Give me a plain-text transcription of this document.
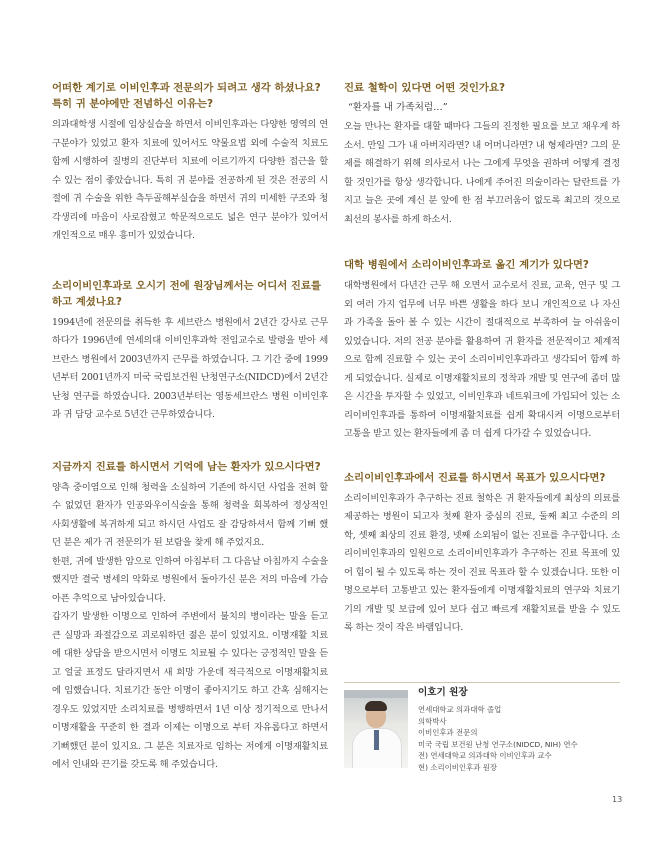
어떠한 계기로 이비인후과 전문의가 되려고 생각 하셨나요?
특히 귀 분야에만 전념하신 이유는?

의과대학생 시절에 임상실습을 하면서 이비인후과는 다양한 영역의 연구분야가 있었고 환자 치료에 있어서도 약물요법 외에 수술적 치료도 함께 시행하여 질병의 진단부터 치료에 이르기까지 다양한 접근을 할 수 있는 점이 좋았습니다. 특히 귀 분야를 전공하게 된 것은 전공의 시절에 귀 수술을 위한 측두골해부실습을 하면서 귀의 미세한 구조와 청각생리에 마음이 사로잡혔고 학문적으로도 넓은 연구 분야가 있어서 개인적으로 매우 흥미가 있었습니다.

소리이비인후과로 오시기 전에 원장님께서는 어디서 진료를 하고 계셨나요?

1994년에 전문의를 취득한 후 세브란스 병원에서 2년간 강사로 근무 하다가 1996년에 연세의대 이비인후과학 전임교수로 발령을 받아 세브란스 병원에서 2003년까지 근무를 하였습니다. 그 기간 중에 1999년부터 2001년까지 미국 국립보건원 난청연구소(NIDCD)에서 2년간 난청 연구를 하였습니다. 2003년부터는 영동세브란스 병원 이비인후과 귀 담당 교수로 5년간 근무하였습니다.

지금까지 진료를 하시면서 기억에 남는 환자가 있으시다면?

양측 중이염으로 인해 청력을 소실하여 기존에 하시던 사업을 전혀 할 수 없었던 환자가 인공와우이식술을 통해 청력을 회복하여 정상적인 사회생활에 복귀하게 되고 하시던 사업도 잘 감당하셔서 함께 기뻐 했던 분은 제가 귀 전문의가 된 보람을 찾게 해 주었지요.

한편, 귀에 발생한 암으로 인하여 아침부터 그 다음날 아침까지 수술을 했지만 결국 병세의 악화로 병원에서 돌아가신 분은 저의 마음에 가슴 아픈 추억으로 남아있습니다.

갑자기 발생한 이명으로 인하여 주변에서 불치의 병이라는 말을 듣고 큰 실망과 좌절감으로 괴로워하던 젊은 분이 있었지요. 이명재활 치료에 대한 상담을 받으시면서 이명도 치료될 수 있다는 긍정적인 말을 듣고 얼굴 표정도 달라지면서 새 희망 가운데 적극적으로 이명재활치료에 임했습니다. 치료기간 동안 이명이 좋아지기도 하고 간혹 심해지는 경우도 있었지만 소리치료를 병행하면서 1년 이상 정기적으로 만나서 이명재활을 꾸준히 한 결과 이제는 이명으로 부터 자유롭다고 하면서 기뻐했던 분이 있지요. 그 분은 치료자로 임하는 저에게 이명재활치료에서 인내와 끈기를 갖도록 해 주었습니다.

진료 철학이 있다면 어떤 것인가요?

“환자를 내 가족처럼…”

오늘 만나는 환자를 대할 때마다 그들의 진정한 필요를 보고 채우게 하소서. 만일 그가 내 아버지라면? 내 어머니라면? 내 형제라면? 그의 문제를 해결하기 위해 의사로서 나는 그에게 무엇을 권하며 어떻게 결정할 것인가를 항상 생각합니다. 나에게 주어진 의술이라는 달란트를 가지고 늘은 곳에 계신 분 앞에 한 점 부끄러움이 없도록 최고의 것으로 최선의 봉사를 하게 하소서.

대학 병원에서 소리이비인후과로 옮긴 계기가 있다면?

대학병원에서 다년간 근무 해 오면서 교수로서 진료, 교육, 연구 및 그 외 여러 가지 업무에 너무 바쁜 생활을 하다 보니 개인적으로 나 자신과 가족을 돌아 볼 수 있는 시간이 절대적으로 부족하여 늘 아쉬움이 있었습니다. 저의 전공 분야를 활용하여 귀 환자를 전문적이고 체계적으로 함께 진료할 수 있는 곳이 소리이비인후과라고 생각되어 함께 하게 되었습니다. 실제로 이명재활치료의 정착과 개발 및 연구에 좀더 많은 시간을 투자할 수 있었고, 이비인후과 네트워크에 가입되어 있는 소리이비인후과를 통하여 이명재활치료를 쉽게 확대시켜 이명으로부터 고통을 받고 있는 환자들에게 좀 더 쉽게 다가갈 수 있었습니다.

소리이비인후과에서 진료를 하시면서 목표가 있으시다면?

소리이비인후과가 추구하는 진료 철학은 귀 환자들에게 최상의 의료를 제공하는 병원이 되고자 첫째 환자 중심의 진료, 둘째 최고 수준의 의학, 셋째 최상의 진료 환경, 넷째 소외됨이 없는 진료를 추구합니다. 소리이비인후과의 일원으로 소리이비인후과가 추구하는 진료 목표에 있어 힘이 될 수 있도록 하는 것이 진료 목표라 할 수 있겠습니다. 또한 이명으로부터 고통받고 있는 환자들에게 이명재활치료의 연구와 치료기기의 개발 및 보급에 있어 보다 쉽고 빠르게 재활치료를 받을 수 있도록 하는 것이 작은 바램입니다.

이호기 원장

연세대학교 의과대학 졸업

의학박사

이비인후과 전문의

미국 국립 보건원 난청 연구소(NIDCD, NIH) 연수

전) 연세대학교 의과대학 이비인후과 교수

현) 소리이비인후과 원장

13
